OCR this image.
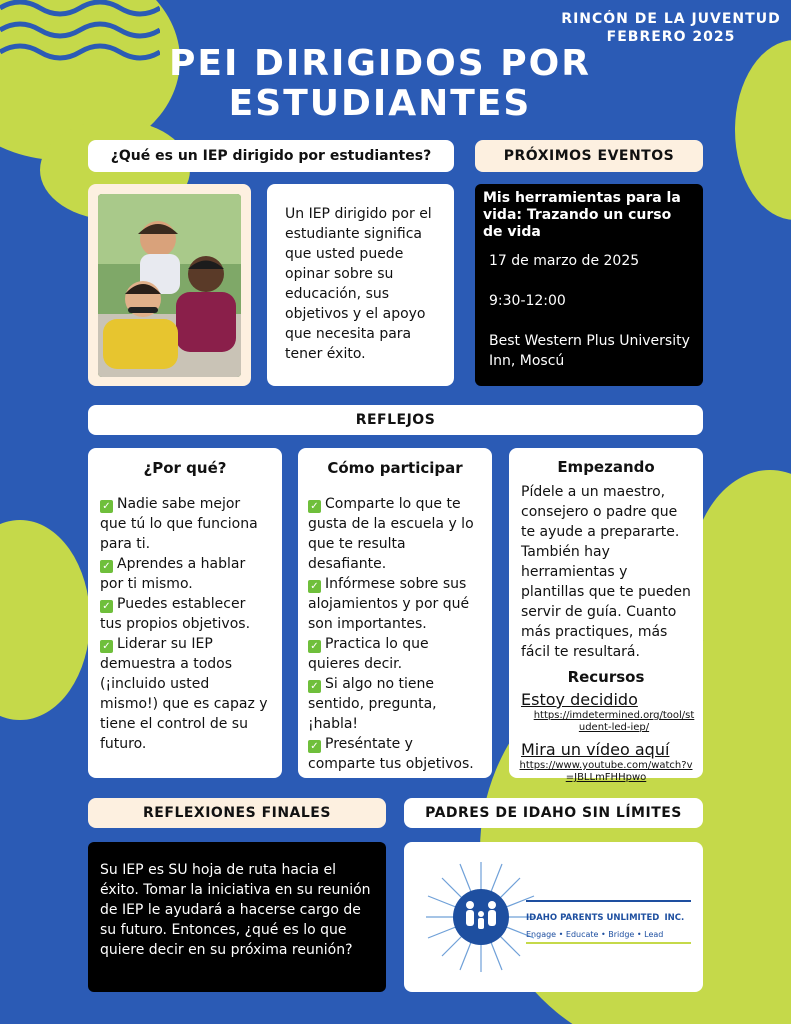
RINCÓN DE LA JUVENTUD
FEBRERO 2025
PEI DIRIGIDOS POR ESTUDIANTES
¿Qué es un IEP dirigido por estudiantes?

Un IEP dirigido por el estudiante significa que usted puede opinar sobre su educación, sus objetivos y el apoyo que necesita para tener éxito.

PRÓXIMOS EVENTOS
Mis herramientas para la vida: Trazando un curso de vida
17 de marzo de 2025
9:30-12:00
Best Western Plus University Inn, Moscú
REFLEJOS
¿Por qué?
✓ Nadie sabe mejor que tú lo que funciona para ti.
✓ Aprendes a hablar por ti mismo.
✓ Puedes establecer tus propios objetivos.
✓ Liderar su IEP demuestra a todos (¡incluido usted mismo!) que es capaz y tiene el control de su futuro.
Cómo participar
✓ Comparte lo que te gusta de la escuela y lo que te resulta desafiante.
✓ Infórmese sobre sus alojamientos y por qué son importantes.
✓ Practica lo que quieres decir.
✓ Si algo no tiene sentido, pregunta, ¡habla!
✓ Preséntate y comparte tus objetivos.
Empezando

Pídele a un maestro, consejero o padre que te ayude a prepararte. También hay herramientas y plantillas que te pueden servir de guía. Cuanto más practiques, más fácil te resultará.

Recursos
Estoy decidido
https://imdetermined.org/tool/student-led-iep/
Mira un vídeo aquí
https://www.youtube.com/watch?v=JBLLmFHHpwo
REFLEXIONES FINALES

Su IEP es SU hoja de ruta hacia el éxito. Tomar la iniciativa en su reunión de IEP le ayudará a hacerse cargo de su futuro. Entonces, ¿qué es lo que quiere decir en su próxima reunión?

PADRES DE IDAHO SIN LÍMITES
IDAHO PARENTS UNLIMITED INC.
Engage • Educate • Bridge • Lead
